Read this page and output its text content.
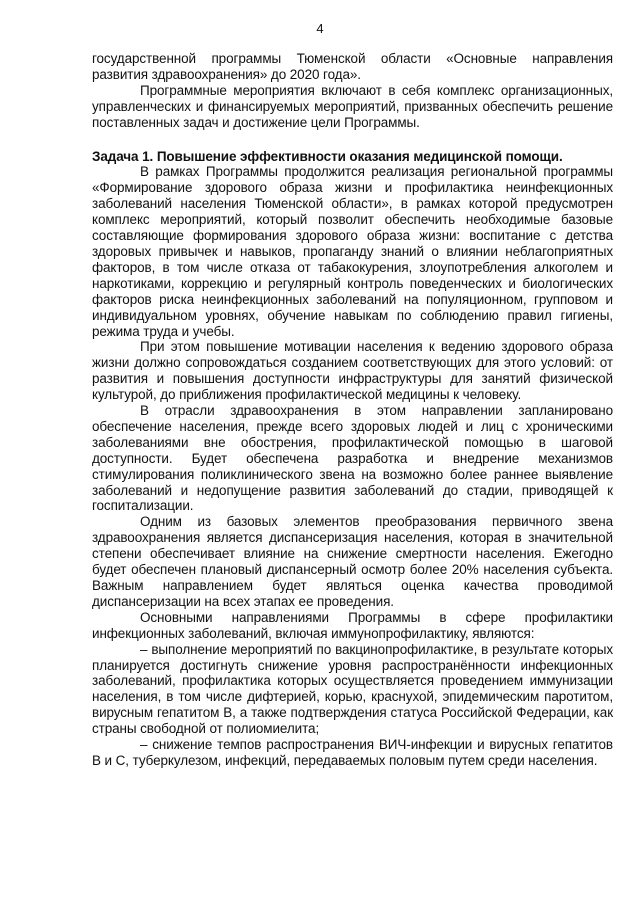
4

государственной программы Тюменской области «Основные направления развития здравоохранения» до 2020 года».

Программные мероприятия включают в себя комплекс организационных, управленческих и финансируемых мероприятий, призванных обеспечить решение поставленных задач и достижение цели Программы.

Задача 1. Повышение эффективности оказания медицинской помощи.

В рамках Программы продолжится реализация региональной программы «Формирование здорового образа жизни и профилактика неинфекционных заболеваний населения Тюменской области», в рамках которой предусмотрен комплекс мероприятий, который позволит обеспечить необходимые базовые составляющие формирования здорового образа жизни: воспитание с детства здоровых привычек и навыков, пропаганду знаний о влиянии неблагоприятных факторов, в том числе отказа от табакокурения, злоупотребления алкоголем и наркотиками, коррекцию и регулярный контроль поведенческих и биологических факторов риска неинфекционных заболеваний на популяционном, групповом и индивидуальном уровнях, обучение навыкам по соблюдению правил гигиены, режима труда и учебы.

При этом повышение мотивации населения к ведению здорового образа жизни должно сопровождаться созданием соответствующих для этого условий: от развития и повышения доступности инфраструктуры для занятий физической культурой, до приближения профилактической медицины к человеку.

В отрасли здравоохранения в этом направлении запланировано обеспечение населения, прежде всего здоровых людей и лиц с хроническими заболеваниями вне обострения, профилактической помощью в шаговой доступности. Будет обеспечена разработка и внедрение механизмов стимулирования поликлинического звена на возможно более раннее выявление заболеваний и недопущение развития заболеваний до стадии, приводящей к госпитализации.

Одним из базовых элементов преобразования первичного звена здравоохранения является диспансеризация населения, которая в значительной степени обеспечивает влияние на снижение смертности населения. Ежегодно будет обеспечен плановый диспансерный осмотр более 20% населения субъекта. Важным направлением будет являться оценка качества проводимой диспансеризации на всех этапах ее проведения.

Основными направлениями Программы в сфере профилактики инфекционных заболеваний, включая иммунопрофилактику, являются:

– выполнение мероприятий по вакцинопрофилактике, в результате которых планируется достигнуть снижение уровня распространённости инфекционных заболеваний, профилактика которых осуществляется проведением иммунизации населения, в том числе дифтерией, корью, краснухой, эпидемическим паротитом, вирусным гепатитом В, а также подтверждения статуса Российской Федерации, как страны свободной от полиомиелита;

– снижение темпов распространения ВИЧ-инфекции и вирусных гепатитов В и С, туберкулезом, инфекций, передаваемых половым путем среди населения.
